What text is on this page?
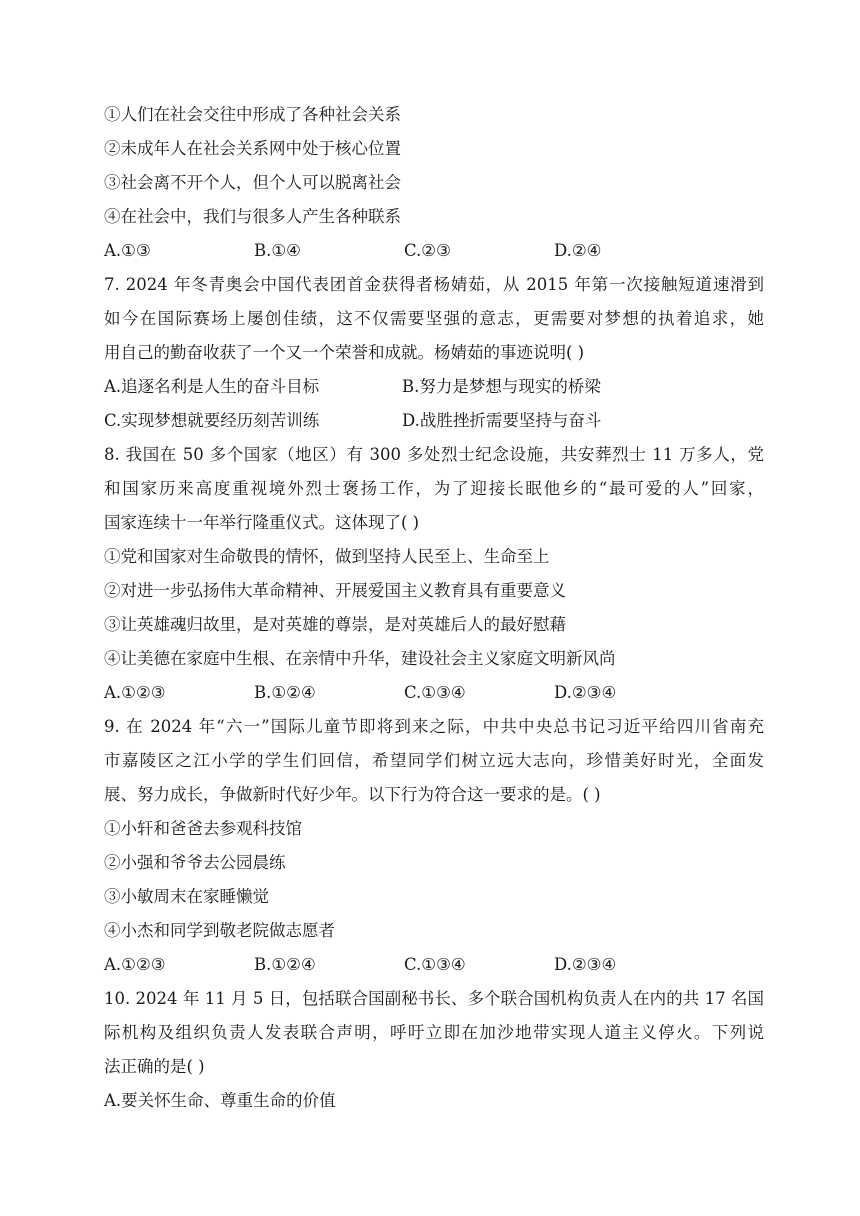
①人们在社会交往中形成了各种社会关系
②未成年人在社会关系网中处于核心位置
③社会离不开个人，但个人可以脱离社会
④在社会中，我们与很多人产生各种联系
A.①③	B.①④	C.②③	D.②④
7. 2024 年冬青奥会中国代表团首金获得者杨婧茹，从 2015 年第一次接触短道速滑到
如今在国际赛场上屡创佳绩，这不仅需要坚强的意志，更需要对梦想的执着追求，她
用自己的勤奋收获了一个又一个荣誉和成就。杨婧茹的事迹说明( )
A.追逐名利是人生的奋斗目标	B.努力是梦想与现实的桥梁
C.实现梦想就要经历刻苦训练	D.战胜挫折需要坚持与奋斗
8. 我国在 50 多个国家（地区）有 300 多处烈士纪念设施，共安葬烈士 11 万多人，党
和国家历来高度重视境外烈士褒扬工作，为了迎接长眠他乡的“最可爱的人”回家，
国家连续十一年举行隆重仪式。这体现了( )
①党和国家对生命敬畏的情怀，做到坚持人民至上、生命至上
②对进一步弘扬伟大革命精神、开展爱国主义教育具有重要意义
③让英雄魂归故里，是对英雄的尊崇，是对英雄后人的最好慰藉
④让美德在家庭中生根、在亲情中升华，建设社会主义家庭文明新风尚
A.①②③	B.①②④	C.①③④	D.②③④
9. 在 2024 年“六一”国际儿童节即将到来之际，中共中央总书记习近平给四川省南充
市嘉陵区之江小学的学生们回信，希望同学们树立远大志向，珍惜美好时光，全面发
展、努力成长，争做新时代好少年。以下行为符合这一要求的是。( )
①小轩和爸爸去参观科技馆
②小强和爷爷去公园晨练
③小敏周末在家睡懒觉
④小杰和同学到敬老院做志愿者
A.①②③	B.①②④	C.①③④	D.②③④
10. 2024 年 11 月 5 日，包括联合国副秘书长、多个联合国机构负责人在内的共 17 名国
际机构及组织负责人发表联合声明，呼吁立即在加沙地带实现人道主义停火。下列说
法正确的是( )
A.要关怀生命、尊重生命的价值
